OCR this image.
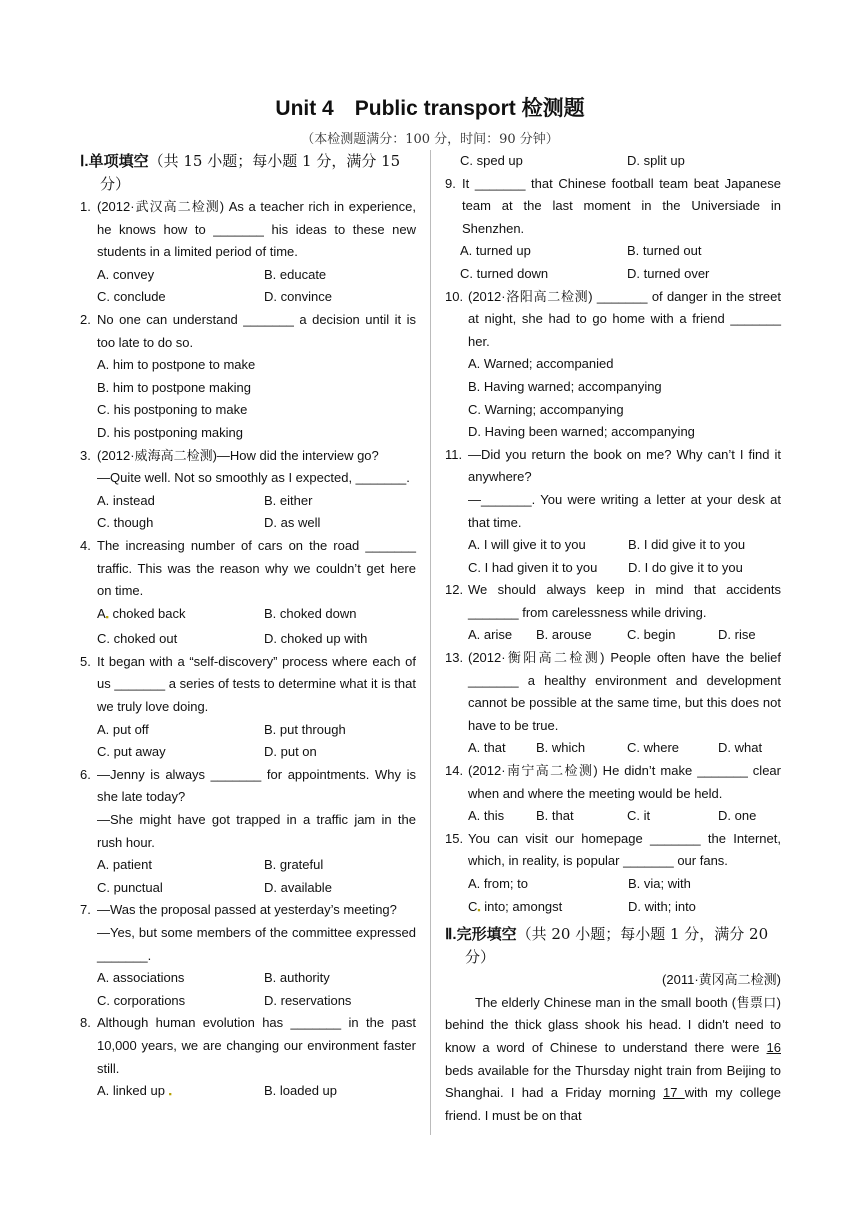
Unit 4　Public transport 检测题
（本检测题满分：100 分，时间：90 分钟）
Ⅰ.单项填空（共 15 小题；每小题 1 分，满分 15 分）
1. (2012·武汉高二检测) As a teacher rich in experience, he knows how to _______ his ideas to these new students in a limited period of time.
A. convey	B. educate
C. conclude	D. convince
2. No one can understand _______ a decision until it is too late to do so.
A. him to postpone to make
B. him to postpone making
C. his postponing to make
D. his postponing making
3. (2012·威海高二检测)—How did the interview go?
—Quite well. Not so smoothly as I expected, _______.
A. instead	B. either
C. though	D. as well
4. The increasing number of cars on the road _______ traffic. This was the reason why we couldn’t get here on time.
A▪ choked back	B. choked down
C. choked out	D. choked up with
5. It began with a “self-discovery” process where each of us _______ a series of tests to determine what it is that we truly love doing.
A. put off	B. put through
C. put away	D. put on
6. —Jenny is always _______ for appointments. Why is she late today?
—She might have got trapped in a traffic jam in the rush hour.
A. patient	B. grateful
C. punctual	D. available
7. —Was the proposal passed at yesterday’s meeting?
—Yes, but some members of the committee expressed _______.
A. associations	B. authority
C. corporations	D. reservations
8. Although human evolution has _______ in the past 10,000 years, we are changing our environment faster still.
A. linked up ▪	B. loaded up
C. sped up	D. split up
9. It _______ that Chinese football team beat Japanese team at the last moment in the Universiade in Shenzhen.
A. turned up	B. turned out
C. turned down	D. turned over
10. (2012·洛阳高二检测) _______ of danger in the street at night, she had to go home with a friend _______ her.
A. Warned; accompanied
B. Having warned; accompanying
C. Warning; accompanying
D. Having been warned; accompanying
11. —Did you return the book on me? Why can’t I find it anywhere?
—_______. You were writing a letter at your desk at that time.
A. I will give it to you	B. I did give it to you
C. I had given it to you	D. I do give it to you
12. We should always keep in mind that accidents _______ from carelessness while driving.
A. arise	B. arouse	C. begin	D. rise
13. (2012·衡阳高二检测) People often have the belief _______ a healthy environment and development cannot be possible at the same time, but this does not have to be true.
A. that	B. which	C. where	D. what
14. (2012·南宁高二检测) He didn’t make _______ clear when and where the meeting would be held.
A. this	B. that	C. it	D. one
15. You can visit our homepage _______ the Internet, which, in reality, is popular _______ our fans.
A. from; to	B. via; with
C▪ into; amongst	D. with; into
Ⅱ.完形填空（共 20 小题；每小题 1 分，满分 20 分）
(2011·黄冈高二检测)
The elderly Chinese man in the small booth (售票口) behind the thick glass shook his head. I didn't need to know a word of Chinese to understand there were 16 beds available for the Thursday night train from Beijing to Shanghai. I had a Friday morning 17 with my college friend. I must be on that
